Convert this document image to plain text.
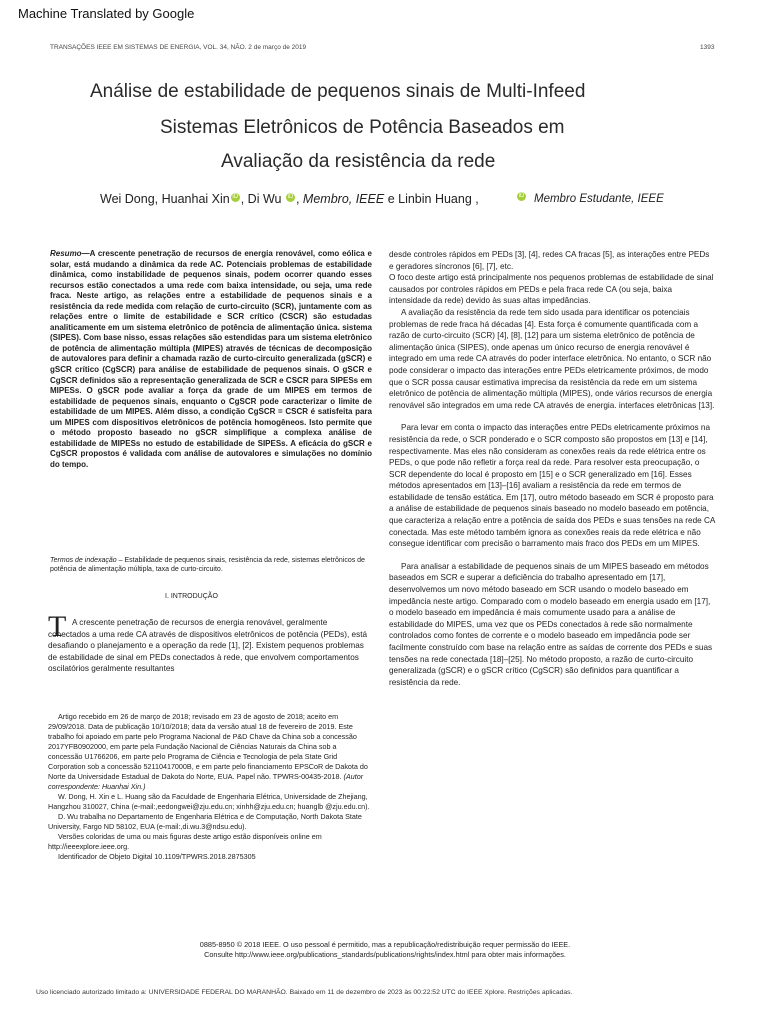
Machine Translated by Google
TRANSAÇÕES IEEE EM SISTEMAS DE ENERGIA, VOL. 34, NÃO. 2 de março de 2019	1393
Análise de estabilidade de pequenos sinais de Multi-Infeed
Sistemas Eletrônicos de Potência Baseados em
Avaliação da resistência da rede
Wei Dong, Huanhai Xin iD , Di Wu iD , Membro, IEEE e Linbin Huang ,	iD Membro Estudante, IEEE
Resumo—A crescente penetração de recursos de energia renovável, como eólica e solar, está mudando a dinâmica da rede AC. Potenciais problemas de estabilidade dinâmica, como instabilidade de pequenos sinais, podem ocorrer quando esses recursos estão conectados a uma rede com baixa intensidade, ou seja, uma rede fraca. Neste artigo, as relações entre a estabilidade de pequenos sinais e a resistência da rede medida com relação de curto-circuito (SCR), juntamente com as relações entre o limite de estabilidade e SCR crítico (CSCR) são estudadas analiticamente em um sistema eletrônico de potência de alimentação única. sistema (SIPES). Com base nisso, essas relações são estendidas para um sistema eletrônico de potência de alimentação múltipla (MIPES) através de técnicas de decomposição de autovalores para definir a chamada razão de curto-circuito generalizada (gSCR) e gSCR crítico (CgSCR) para análise de estabilidade de pequenos sinais. O gSCR e CgSCR definidos são a representação generalizada de SCR e CSCR para SIPESs em MIPESs. O gSCR pode avaliar a força da grade de um MIPES em termos de estabilidade de pequenos sinais, enquanto o CgSCR pode caracterizar o limite de estabilidade de um MIPES. Além disso, a condição CgSCR = CSCR é satisfeita para um MIPES com dispositivos eletrônicos de potência homogêneos. Isto permite que o método proposto baseado no gSCR simplifique a complexa análise de estabilidade de MIPESs no estudo de estabilidade de SIPESs. A eficácia do gSCR e CgSCR propostos é validada com análise de autovalores e simulações no domínio do tempo.
Termos de indexação – Estabilidade de pequenos sinais, resistência da rede, sistemas eletrônicos de potência de alimentação múltipla, taxa de curto-circuito.
I. INTRODUÇÃO
T A crescente penetração de recursos de energia renovável, geralmente conectados a uma rede CA através de dispositivos eletrônicos de potência (PEDs), está desafiando o planejamento e a operação da rede [1], [2]. Existem pequenos problemas de estabilidade de sinal em PEDs conectados à rede, que envolvem comportamentos oscilatórios geralmente resultantes
Artigo recebido em 26 de março de 2018; revisado em 23 de agosto de 2018; aceito em 29/09/2018. Data de publicação 10/10/2018; data da versão atual 18 de fevereiro de 2019. Este trabalho foi apoiado em parte pelo Programa Nacional de P&D Chave da China sob a concessão 2017YFB0902000, em parte pela Fundação Nacional de Ciências Naturais da China sob a concessão U1766206, em parte pelo Programa de Ciência e Tecnologia de pela State Grid Corporation sob a concessão 52110417000B, e em parte pelo financiamento EPSCoR de Dakota do Norte da Universidade Estadual de Dakota do Norte, EUA. Papel não. TPWRS-00435-2018. (Autor correspondente: Huanhai Xin.)
W. Dong, H. Xin e L. Huang são da Faculdade de Engenharia Elétrica, Universidade de Zhejiang, Hangzhou 310027, China (e-mail:,eedongwei@zju.edu.cn; xinhh@zju.edu.cn; huanglb @zju.edu.cn).
D. Wu trabalha no Departamento de Engenharia Elétrica e de Computação, North Dakota State University, Fargo ND 58102, EUA (e-mail:,di.wu.3@ndsu.edu).
Versões coloridas de uma ou mais figuras deste artigo estão disponíveis online em http://ieeexplore.ieee.org.
Identificador de Objeto Digital 10.1109/TPWRS.2018.2875305

desde controles rápidos em PEDs [3], [4], redes CA fracas [5], as interações entre PEDs e geradores síncronos [6], [7], etc.

O foco deste artigo está principalmente nos pequenos problemas de estabilidade de sinal causados por controles rápidos em PEDs e pela fraca rede CA (ou seja, baixa intensidade da rede) devido às suas altas impedâncias.

A avaliação da resistência da rede tem sido usada para identificar os potenciais problemas de rede fraca há décadas [4]. Esta força é comumente quantificada com a razão de curto-circuito (SCR) [4], [8], [12] para um sistema eletrônico de potência de alimentação única (SIPES), onde apenas um único recurso de energia renovável é integrado em uma rede CA através do poder interface eletrônica. No entanto, o SCR não pode considerar o impacto das interações entre PEDs eletricamente próximos, de modo que o SCR possa causar estimativa imprecisa da resistência da rede em um sistema eletrônico de potência de alimentação múltipla (MIPES), onde vários recursos de energia renovável são integrados em uma rede CA através de energia. interfaces eletrônicas [13].

Para levar em conta o impacto das interações entre PEDs eletricamente próximos na resistência da rede, o SCR ponderado e o SCR composto são propostos em [13] e [14], respectivamente. Mas eles não consideram as conexões reais da rede elétrica entre os PEDs, o que pode não refletir a força real da rede. Para resolver esta preocupação, o SCR dependente do local é proposto em [15] e o SCR generalizado em [16]. Esses métodos apresentados em [13]–[16] avaliam a resistência da rede em termos de estabilidade de tensão estática. Em [17], outro método baseado em SCR é proposto para a análise de estabilidade de pequenos sinais baseado no modelo baseado em potência, que caracteriza a relação entre a potência de saída dos PEDs e suas tensões na rede CA conectada. Mas este método também ignora as conexões reais da rede elétrica e não consegue identificar com precisão o barramento mais fraco dos PEDs em um MIPES.

Para analisar a estabilidade de pequenos sinais de um MIPES baseado em métodos baseados em SCR e superar a deficiência do trabalho apresentado em [17], desenvolvemos um novo método baseado em SCR usando o modelo baseado em impedância neste artigo. Comparado com o modelo baseado em energia usado em [17], o modelo baseado em impedância é mais comumente usado para a análise de estabilidade do MIPES, uma vez que os PEDs conectados à rede são normalmente controlados como fontes de corrente e o modelo baseado em impedância pode ser facilmente construído com base na relação entre as saídas de corrente dos PEDs e suas tensões na rede conectada [18]–[25]. No método proposto, a razão de curto-circuito generalizada (gSCR) e o gSCR crítico (CgSCR) são definidos para quantificar a resistência da rede.

0885-8950 © 2018 IEEE. O uso pessoal é permitido, mas a republicação/redistribuição requer permissão do IEEE.
Consulte http://www.ieee.org/publications_standards/publications/rights/index.html para obter mais informações.
Uso licenciado autorizado limitado a: UNIVERSIDADE FEDERAL DO MARANHÃO. Baixado em 11 de dezembro de 2023 às 00:22:52 UTC do IEEE Xplore. Restrições aplicadas.
